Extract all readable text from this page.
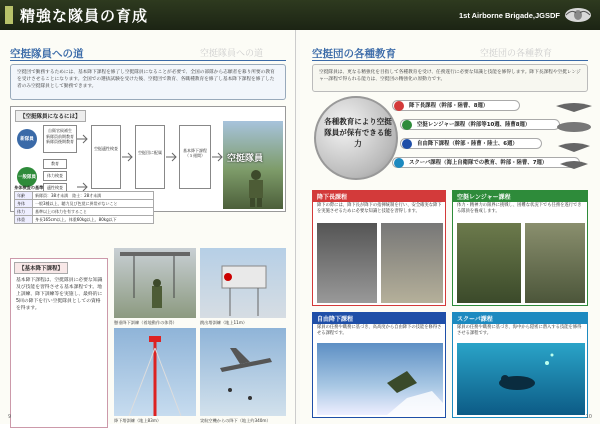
精強な隊員の育成	1st Airborne Brigade,JGSDF
空挺隊員への道	空挺隊員への道
空挺団で勤務するためには、基本降下課程を修了し空挺隊員になることが必要で、全国の部隊から志願者を募り所要の教育を受けさせることになります。全国での選抜試験を受けた後、空挺団で教育、各職種教育を修了し基本降下課程を修了した者のみ空挺隊員として勤務できます。
【空挺隊員になるには】
新隊員
一般隊員
自衛官候補生
新隊員前期教育
新隊員後期教育
教育
体力検査
適性検査
空挺適性検査
空挺団に配属	基本降下課程（５週間）	空挺隊員
身体検査の基準
年齢	新隊員：38才未満　陸士：28才未満
身体	一般3種以上、聴力及び色覚に異常がないこと
体力	基準以上の体力を有すること
体重	身長165cm以上、体重60kg以上、80kg以下
【基本降下課程】
基本降下課程は、空挺隊員に必要な知識及び技能を習得させる基本課程です。地上訓練、降下訓練等を実施し、最終的に5回の降下を行い空挺隊員としての資格を得ます。
懸垂降下訓練（着地動作の体得）	跳出塔訓練（地上11m）
降下塔訓練（地上83m）	実航空機からの降下（地上約340m）
9
空挺団の各種教育	空挺団の各種教育
空挺隊員は、更なる精強化を目指して各種教育を受け、任務遂行に必要な知識と技能を修得します。降下長課程や空挺レンジャー課程で得られる能力は、空挺団の精強化の原動力です。
各種教育により空挺隊員が保有できる能力
降下長課程（幹部・陸曹、8週）
空挺レンジャー課程（幹部等10週、陸曹8週）
自由降下課程（幹部・陸曹・陸士、6週）
スクーバ課程（海上自衛隊での教育、幹部・陸曹、7週）
降下長課程
降下の際には、降下長が降下の指揮統制を行い、安全確実な降下を実施させるために必要な知識と技能を習得します。
空挺レンジャー課程
体力・精神力の限界に挑戦し、困難な状況下でも任務を遂行できる隊員を養成します。
自由降下課程
隊員の任務や職務に基づき、高高度から自由降下の技能を修得させる課程です。
スクーバ課程
隊員の任務や職務に基づき、海中から隠密に潜入する技能を修得させる課程です。
10
